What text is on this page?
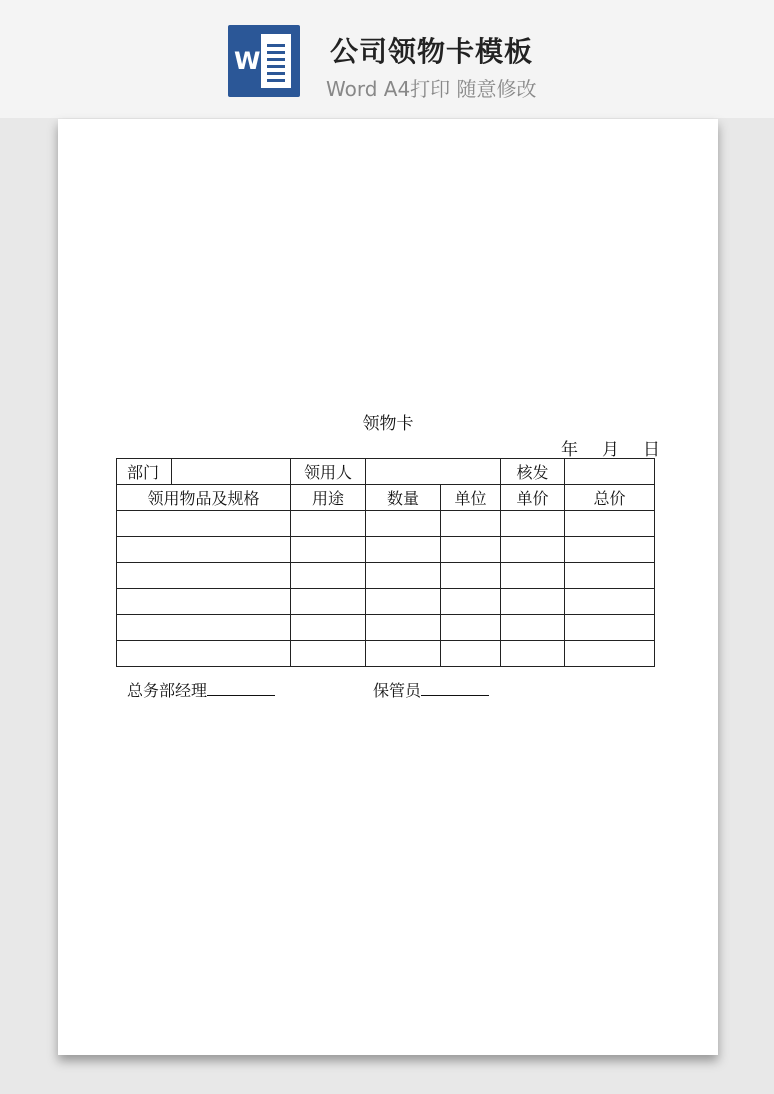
W 公司领物卡模板
Word A4打印 随意修改
领物卡
年 月 日
部门		领用人			核发	
领用物品及规格		用途	数量	单位	单价	总价

总务部经理	保管员
